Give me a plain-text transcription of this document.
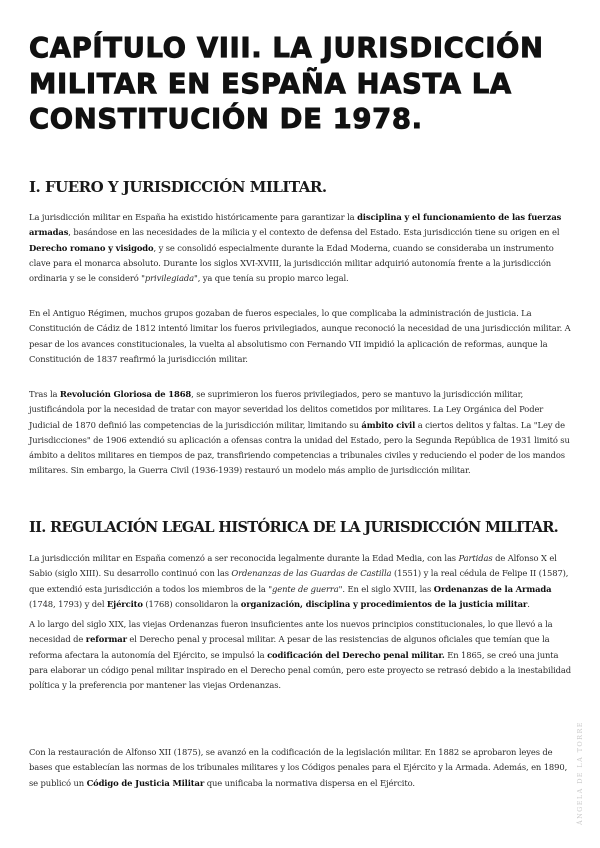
CAPÍTULO VIII. LA JURISDICCIÓN MILITAR EN ESPAÑA HASTA LA CONSTITUCIÓN DE 1978.
I. FUERO Y JURISDICCIÓN MILITAR.

La jurisdicción militar en España ha existido históricamente para garantizar la disciplina y el funcionamiento de las fuerzas armadas, basándose en las necesidades de la milicia y el contexto de defensa del Estado. Esta jurisdicción tiene su origen en el Derecho romano y visigodo, y se consolidó especialmente durante la Edad Moderna, cuando se consideraba un instrumento clave para el monarca absoluto. Durante los siglos XVI-XVIII, la jurisdicción militar adquirió autonomía frente a la jurisdicción ordinaria y se le consideró "privilegiada", ya que tenía su propio marco legal.

En el Antiguo Régimen, muchos grupos gozaban de fueros especiales, lo que complicaba la administración de justicia. La Constitución de Cádiz de 1812 intentó limitar los fueros privilegiados, aunque reconoció la necesidad de una jurisdicción militar. A pesar de los avances constitucionales, la vuelta al absolutismo con Fernando VII impidió la aplicación de reformas, aunque la Constitución de 1837 reafirmó la jurisdicción militar.

Tras la Revolución Gloriosa de 1868, se suprimieron los fueros privilegiados, pero se mantuvo la jurisdicción militar, justificándola por la necesidad de tratar con mayor severidad los delitos cometidos por militares. La Ley Orgánica del Poder Judicial de 1870 definió las competencias de la jurisdicción militar, limitando su ámbito civil a ciertos delitos y faltas. La "Ley de Jurisdicciones" de 1906 extendió su aplicación a ofensas contra la unidad del Estado, pero la Segunda República de 1931 limitó su ámbito a delitos militares en tiempos de paz, transfiriendo competencias a tribunales civiles y reduciendo el poder de los mandos militares. Sin embargo, la Guerra Civil (1936-1939) restauró un modelo más amplio de jurisdicción militar.

II. REGULACIÓN LEGAL HISTÓRICA DE LA JURISDICCIÓN MILITAR.

La jurisdicción militar en España comenzó a ser reconocida legalmente durante la Edad Media, con las Partidas de Alfonso X el Sabio (siglo XIII). Su desarrollo continuó con las Ordenanzas de las Guardas de Castilla (1551) y la real cédula de Felipe II (1587), que extendió esta jurisdicción a todos los miembros de la "gente de guerra". En el siglo XVIII, las Ordenanzas de la Armada (1748, 1793) y del Ejército (1768) consolidaron la organización, disciplina y procedimientos de la justicia militar.

A lo largo del siglo XIX, las viejas Ordenanzas fueron insuficientes ante los nuevos principios constitucionales, lo que llevó a la necesidad de reformar el Derecho penal y procesal militar. A pesar de las resistencias de algunos oficiales que temían que la reforma afectara la autonomía del Ejército, se impulsó la codificación del Derecho penal militar. En 1865, se creó una junta para elaborar un código penal militar inspirado en el Derecho penal común, pero este proyecto se retrasó debido a la inestabilidad política y la preferencia por mantener las viejas Ordenanzas.

Con la restauración de Alfonso XII (1875), se avanzó en la codificación de la legislación militar. En 1882 se aprobaron leyes de bases que establecían las normas de los tribunales militares y los Códigos penales para el Ejército y la Armada. Además, en 1890, se publicó un Código de Justicia Militar que unificaba la normativa dispersa en el Ejército.	ÁNGELA DE LA TORRE
